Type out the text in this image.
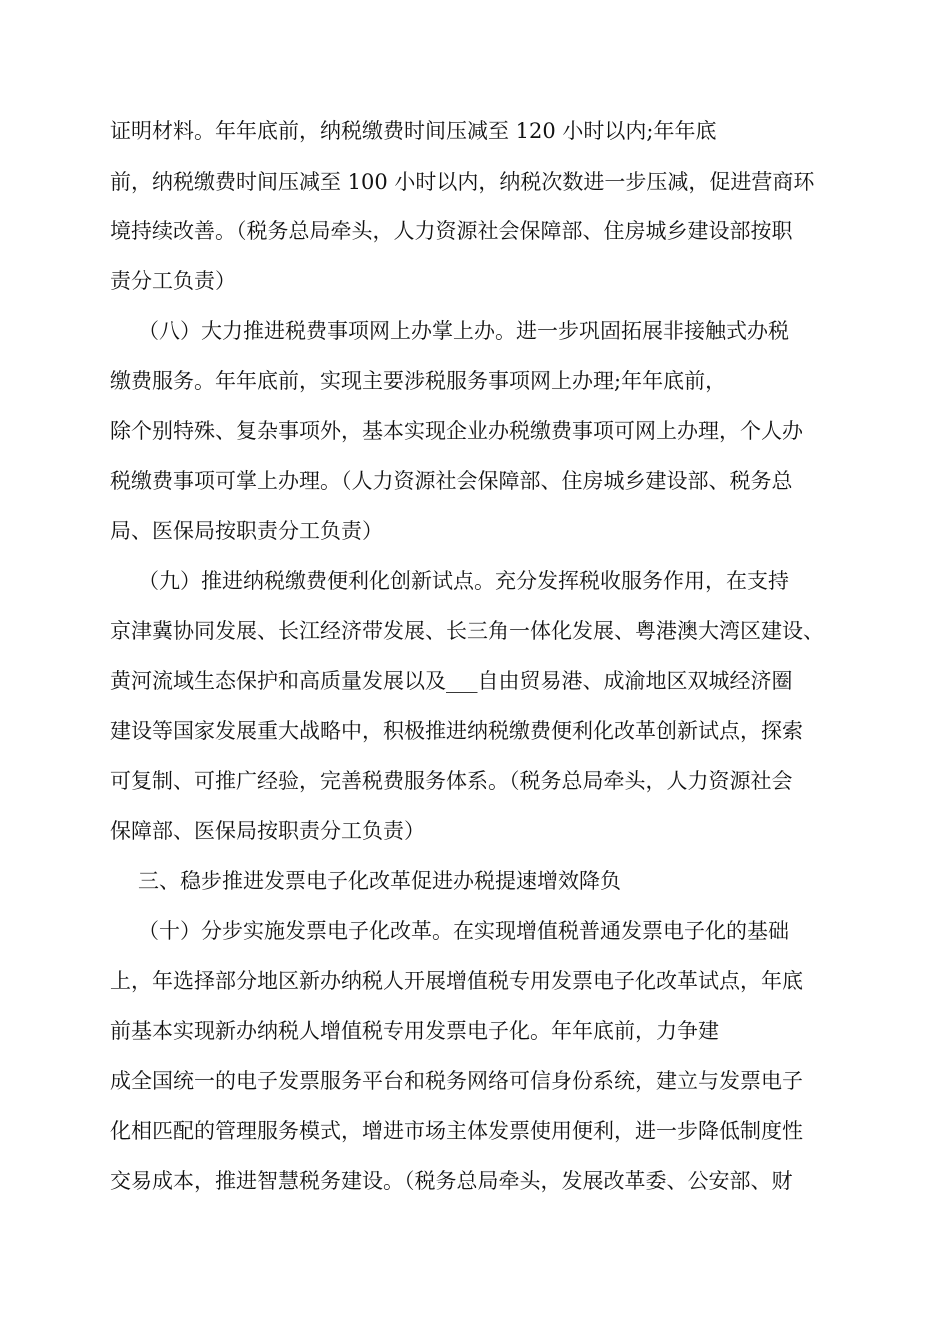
证明材料。年年底前，纳税缴费时间压减至 120 小时以内;年年底

前，纳税缴费时间压减至 100 小时以内，纳税次数进一步压减，促进营商环

境持续改善。（税务总局牵头，人力资源社会保障部、住房城乡建设部按职

责分工负责）

（八）大力推进税费事项网上办掌上办。进一步巩固拓展非接触式办税

缴费服务。年年底前，实现主要涉税服务事项网上办理;年年底前，

除个别特殊、复杂事项外，基本实现企业办税缴费事项可网上办理，个人办

税缴费事项可掌上办理。（人力资源社会保障部、住房城乡建设部、税务总

局、医保局按职责分工负责）

（九）推进纳税缴费便利化创新试点。充分发挥税收服务作用，在支持

京津冀协同发展、长江经济带发展、长三角一体化发展、粤港澳大湾区建设、

黄河流域生态保护和高质量发展以及___自由贸易港、成渝地区双城经济圈

建设等国家发展重大战略中，积极推进纳税缴费便利化改革创新试点，探索

可复制、可推广经验，完善税费服务体系。（税务总局牵头，人力资源社会

保障部、医保局按职责分工负责）

三、稳步推进发票电子化改革促进办税提速增效降负

（十）分步实施发票电子化改革。在实现增值税普通发票电子化的基础

上，年选择部分地区新办纳税人开展增值税专用发票电子化改革试点，年底

前基本实现新办纳税人增值税专用发票电子化。年年底前，力争建

成全国统一的电子发票服务平台和税务网络可信身份系统，建立与发票电子

化相匹配的管理服务模式，增进市场主体发票使用便利，进一步降低制度性

交易成本，推进智慧税务建设。（税务总局牵头，发展改革委、公安部、财
